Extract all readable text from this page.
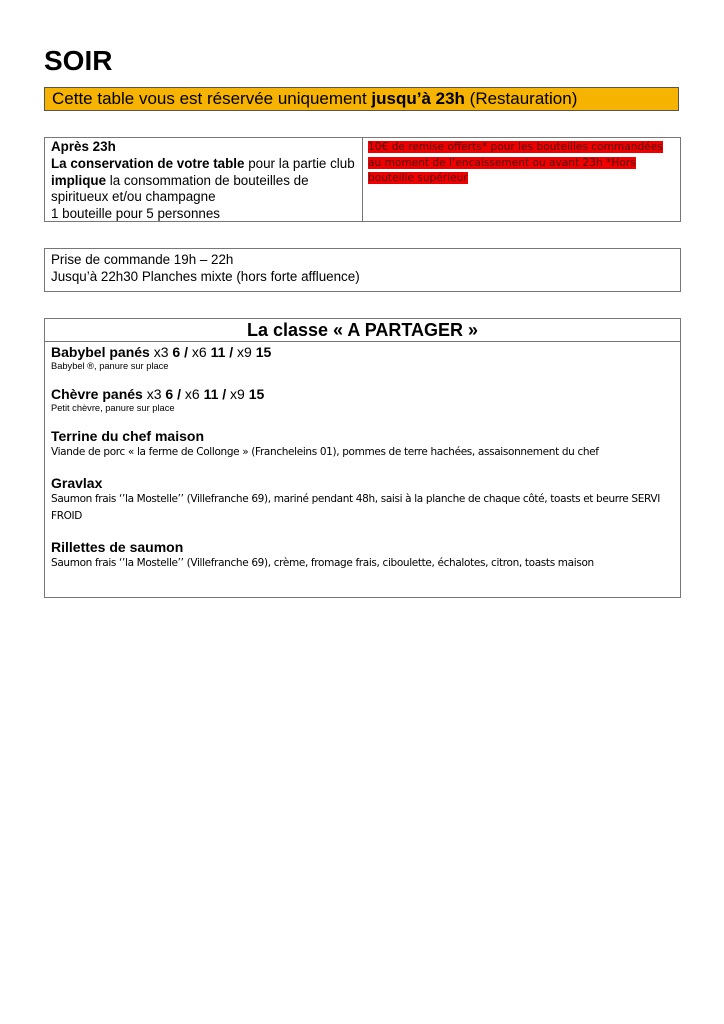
SOIR
Cette table vous est réservée uniquement jusqu’à 23h (Restauration)
Après 23h
La conservation de votre table pour la partie club implique la consommation de bouteilles de spiritueux et/ou champagne
1 bouteille pour 5 personnes
10€ de remise offerts* pour les bouteilles commandées au moment de l’encaissement ou avant 23h *Hors bouteille supérieur
Prise de commande 19h – 22h
Jusqu’à 22h30 Planches mixte (hors forte affluence)
La classe « A PARTAGER »
Babybel panés x3 6 / x6 11 / x9 15
Babybel ®, panure sur place
Chèvre panés x3 6 / x6 11 / x9 15
Petit chèvre, panure sur place
Terrine du chef maison
Viande de porc « la ferme de Collonge » (Francheleins 01), pommes de terre hachées, assaisonnement du chef
Gravlax
Saumon frais ‘’la Mostelle’’ (Villefranche 69), mariné pendant 48h, saisi à la planche de chaque côté, toasts et beurre SERVI FROID
Rillettes de saumon
Saumon frais ‘’la Mostelle’’ (Villefranche 69), crème, fromage frais, ciboulette, échalotes, citron, toasts maison
